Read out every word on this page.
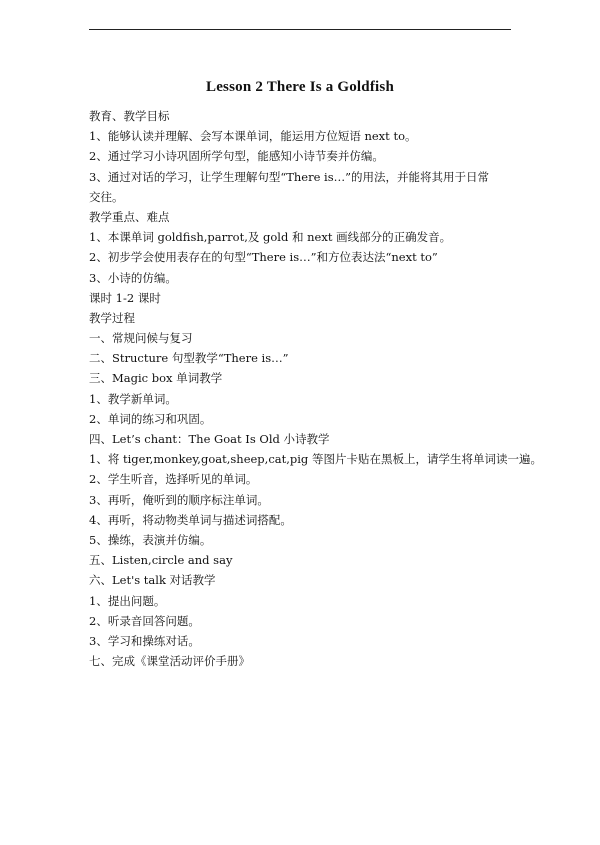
Lesson 2 There Is a Goldfish
教育、教学目标
1、能够认读并理解、会写本课单词，能运用方位短语 next to。
2、通过学习小诗巩固所学句型，能感知小诗节奏并仿编。
3、通过对话的学习，让学生理解句型“There is…”的用法，并能将其用于日常
交往。
教学重点、难点
1、本课单词 goldfish,parrot,及 gold 和 next 画线部分的正确发音。
2、初步学会使用表存在的句型“There is…”和方位表达法“next to”
3、小诗的仿编。
课时 1-2 课时
教学过程
一、常规问候与复习
二、Structure 句型教学“There is…”
三、Magic box 单词教学
1、教学新单词。
2、单词的练习和巩固。
四、Let’s chant：The Goat Is Old 小诗教学
1、将 tiger,monkey,goat,sheep,cat,pig 等图片卡贴在黑板上，请学生将单词读一遍。
2、学生听音，选择听见的单词。
3、再听，俺听到的顺序标注单词。
4、再听，将动物类单词与描述词搭配。
5、操练，表演并仿编。
五、Listen,circle and say
六、Let's talk 对话教学
1、提出问题。
2、听录音回答问题。
3、学习和操练对话。
七、完成《课堂活动评价手册》
